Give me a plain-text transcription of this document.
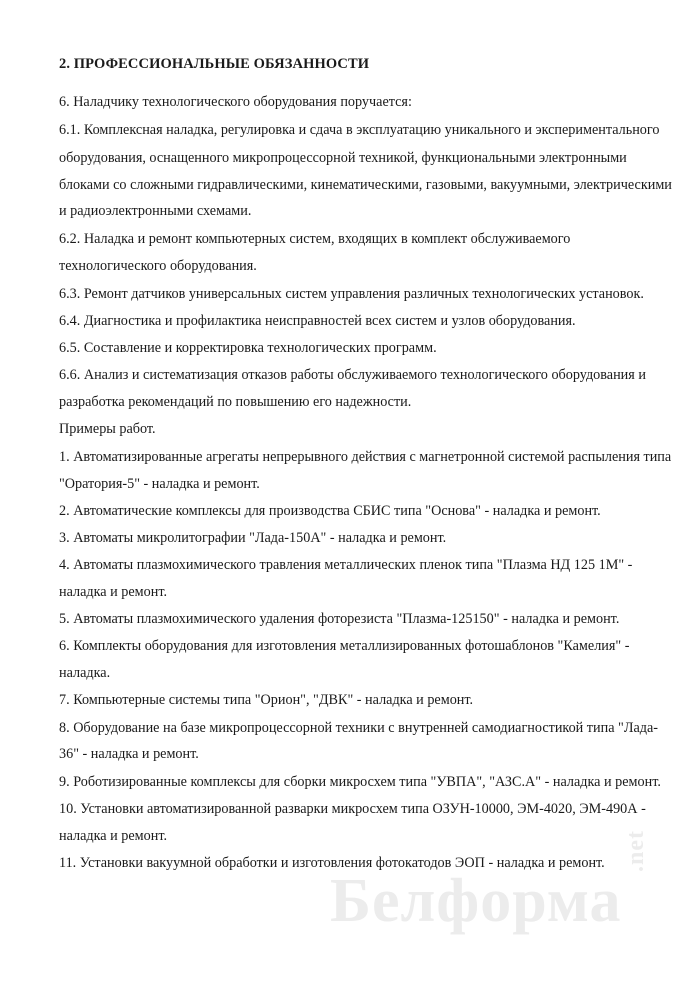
2. ПРОФЕССИОНАЛЬНЫЕ ОБЯЗАННОСТИ
6. Наладчику технологического оборудования поручается:
6.1. Комплексная наладка, регулировка и сдача в эксплуатацию уникального и экспериментального
оборудования, оснащенного микропроцессорной техникой, функциональными электронными
блоками со сложными гидравлическими, кинематическими, газовыми, вакуумными, электрическими
и радиоэлектронными схемами.
6.2. Наладка и ремонт компьютерных систем, входящих в комплект обслуживаемого
технологического оборудования.
6.3. Ремонт датчиков универсальных систем управления различных технологических установок.
6.4. Диагностика и профилактика неисправностей всех систем и узлов оборудования.
6.5. Составление и корректировка технологических программ.
6.6. Анализ и систематизация отказов работы обслуживаемого технологического оборудования и
разработка рекомендаций по повышению его надежности.
Примеры работ.
1. Автоматизированные агрегаты непрерывного действия с магнетронной системой распыления типа
"Оратория-5" - наладка и ремонт.
2. Автоматические комплексы для производства СБИС типа "Основа" - наладка и ремонт.
3. Автоматы микролитографии "Лада-150А" - наладка и ремонт.
4. Автоматы плазмохимического травления металлических пленок типа "Плазма НД 125 1М" -
наладка и ремонт.
5. Автоматы плазмохимического удаления фоторезиста "Плазма-125150" - наладка и ремонт.
6. Комплекты оборудования для изготовления металлизированных фотошаблонов "Камелия" -
наладка.
7. Компьютерные системы типа "Орион", "ДВК" - наладка и ремонт.
8. Оборудование на базе микропроцессорной техники с внутренней самодиагностикой типа "Лада-
36" - наладка и ремонт.
9. Роботизированные комплексы для сборки микросхем типа "УВПА", "АЗС.А" - наладка и ремонт.
10. Установки автоматизированной разварки микросхем типа ОЗУН-10000, ЭМ-4020, ЭМ-490А -
наладка и ремонт.
11. Установки вакуумной обработки и изготовления фотокатодов ЭОП - наладка и ремонт.
Белформа
.net
